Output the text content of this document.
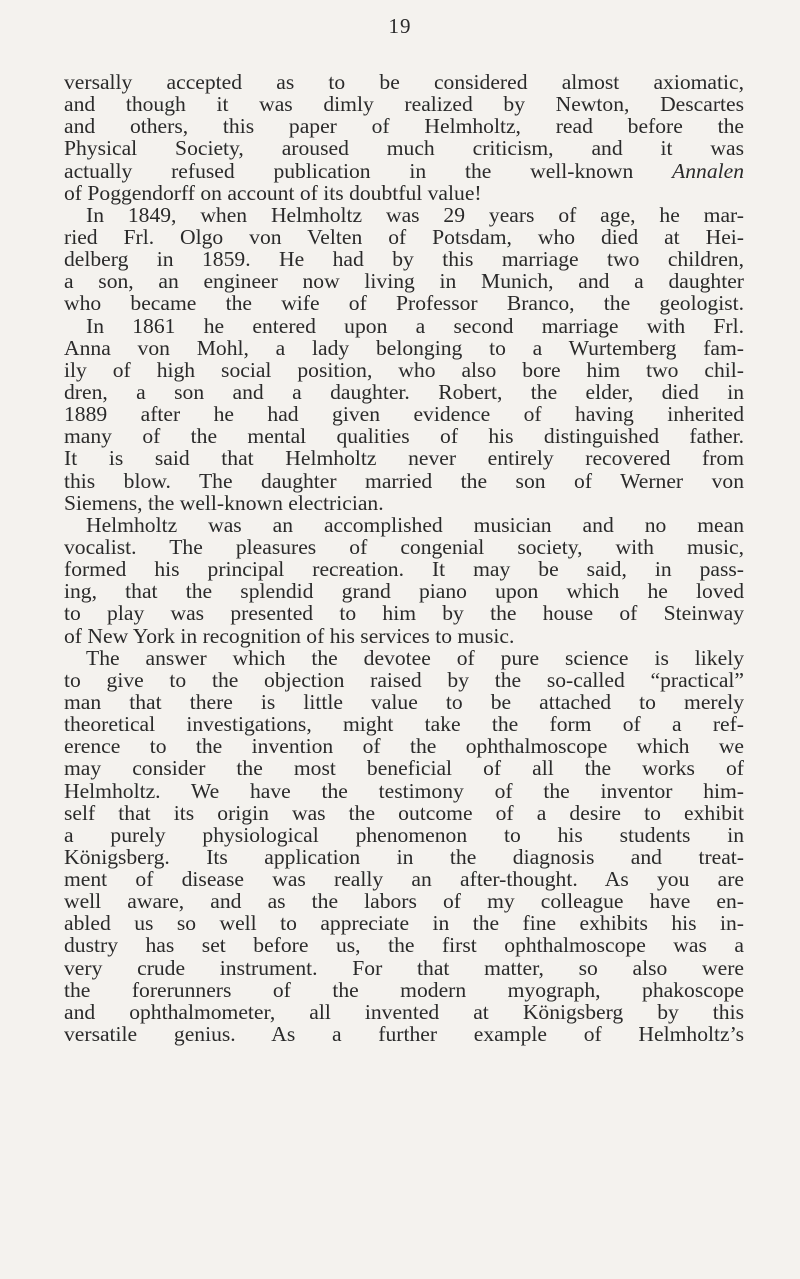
19
versally accepted as to be considered almost axiomatic,
and though it was dimly realized by Newton, Descartes
and others, this paper of Helmholtz, read before the
Physical Society, aroused much criticism, and it was
actually refused publication in the well-known Annalen
of Poggendorff on account of its doubtful value!
In 1849, when Helmholtz was 29 years of age, he mar-
ried Frl. Olgo von Velten of Potsdam, who died at Hei-
delberg in 1859. He had by this marriage two children,
a son, an engineer now living in Munich, and a daughter
who became the wife of Professor Branco, the geologist.
In 1861 he entered upon a second marriage with Frl.
Anna von Mohl, a lady belonging to a Wurtemberg fam-
ily of high social position, who also bore him two chil-
dren, a son and a daughter. Robert, the elder, died in
1889 after he had given evidence of having inherited
many of the mental qualities of his distinguished father.
It is said that Helmholtz never entirely recovered from
this blow. The daughter married the son of Werner von
Siemens, the well-known electrician.
Helmholtz was an accomplished musician and no mean
vocalist. The pleasures of congenial society, with music,
formed his principal recreation. It may be said, in pass-
ing, that the splendid grand piano upon which he loved
to play was presented to him by the house of Steinway
of New York in recognition of his services to music.
The answer which the devotee of pure science is likely
to give to the objection raised by the so-called “practical”
man that there is little value to be attached to merely
theoretical investigations, might take the form of a ref-
erence to the invention of the ophthalmoscope which we
may consider the most beneficial of all the works of
Helmholtz. We have the testimony of the inventor him-
self that its origin was the outcome of a desire to exhibit
a purely physiological phenomenon to his students in
Königsberg. Its application in the diagnosis and treat-
ment of disease was really an after-thought. As you are
well aware, and as the labors of my colleague have en-
abled us so well to appreciate in the fine exhibits his in-
dustry has set before us, the first ophthalmoscope was a
very crude instrument. For that matter, so also were
the forerunners of the modern myograph, phakoscope
and ophthalmometer, all invented at Königsberg by this
versatile genius. As a further example of Helmholtz’s
